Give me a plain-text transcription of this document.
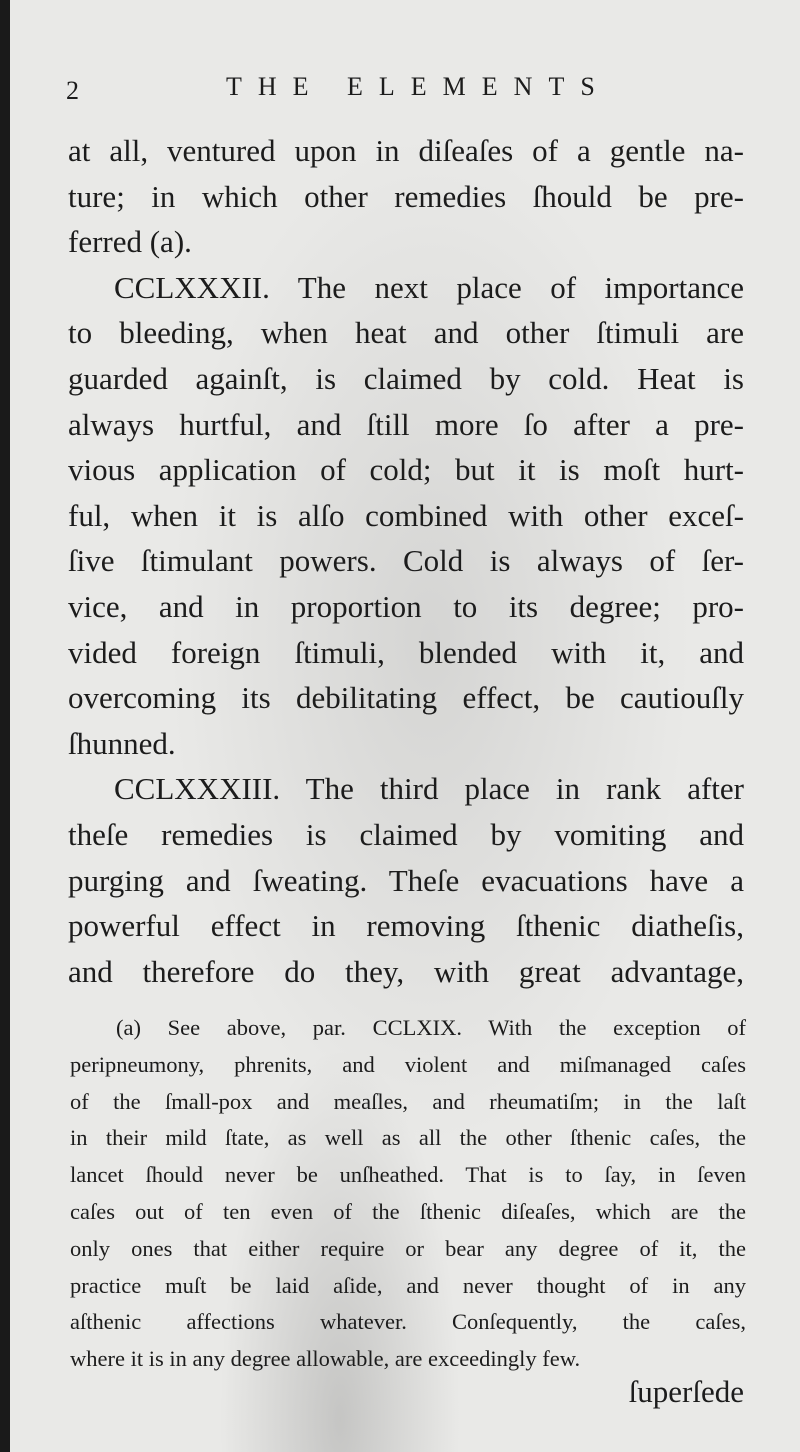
2	THE ELEMENTS
at all, ventured upon in diſeaſes of a gentle na-
ture; in which other remedies ſhould be pre-
ferred (a).
CCLXXXII. The next place of importance
to bleeding, when heat and other ſtimuli are
guarded againſt, is claimed by cold. Heat is
always hurtful, and ſtill more ſo after a pre-
vious application of cold; but it is moſt hurt-
ful, when it is alſo combined with other exceſ-
ſive ſtimulant powers. Cold is always of ſer-
vice, and in proportion to its degree; pro-
vided foreign ſtimuli, blended with it, and
overcoming its debilitating effect, be cautiouſly
ſhunned.
CCLXXXIII. The third place in rank after
theſe remedies is claimed by vomiting and
purging and ſweating. Theſe evacuations have a
powerful effect in removing ſthenic diatheſis,
and therefore do they, with great advantage,
(a) See above, par. CCLXIX. With the exception of
peripneumony, phrenits, and violent and miſmanaged caſes
of the ſmall-pox and meaſles, and rheumatiſm; in the laſt
in their mild ſtate, as well as all the other ſthenic caſes, the
lancet ſhould never be unſheathed. That is to ſay, in ſeven
caſes out of ten even of the ſthenic diſeaſes, which are the
only ones that either require or bear any degree of it, the
practice muſt be laid aſide, and never thought of in any
aſthenic affections whatever. Conſequently, the caſes,
where it is in any degree allowable, are exceedingly few.
ſuperſede
